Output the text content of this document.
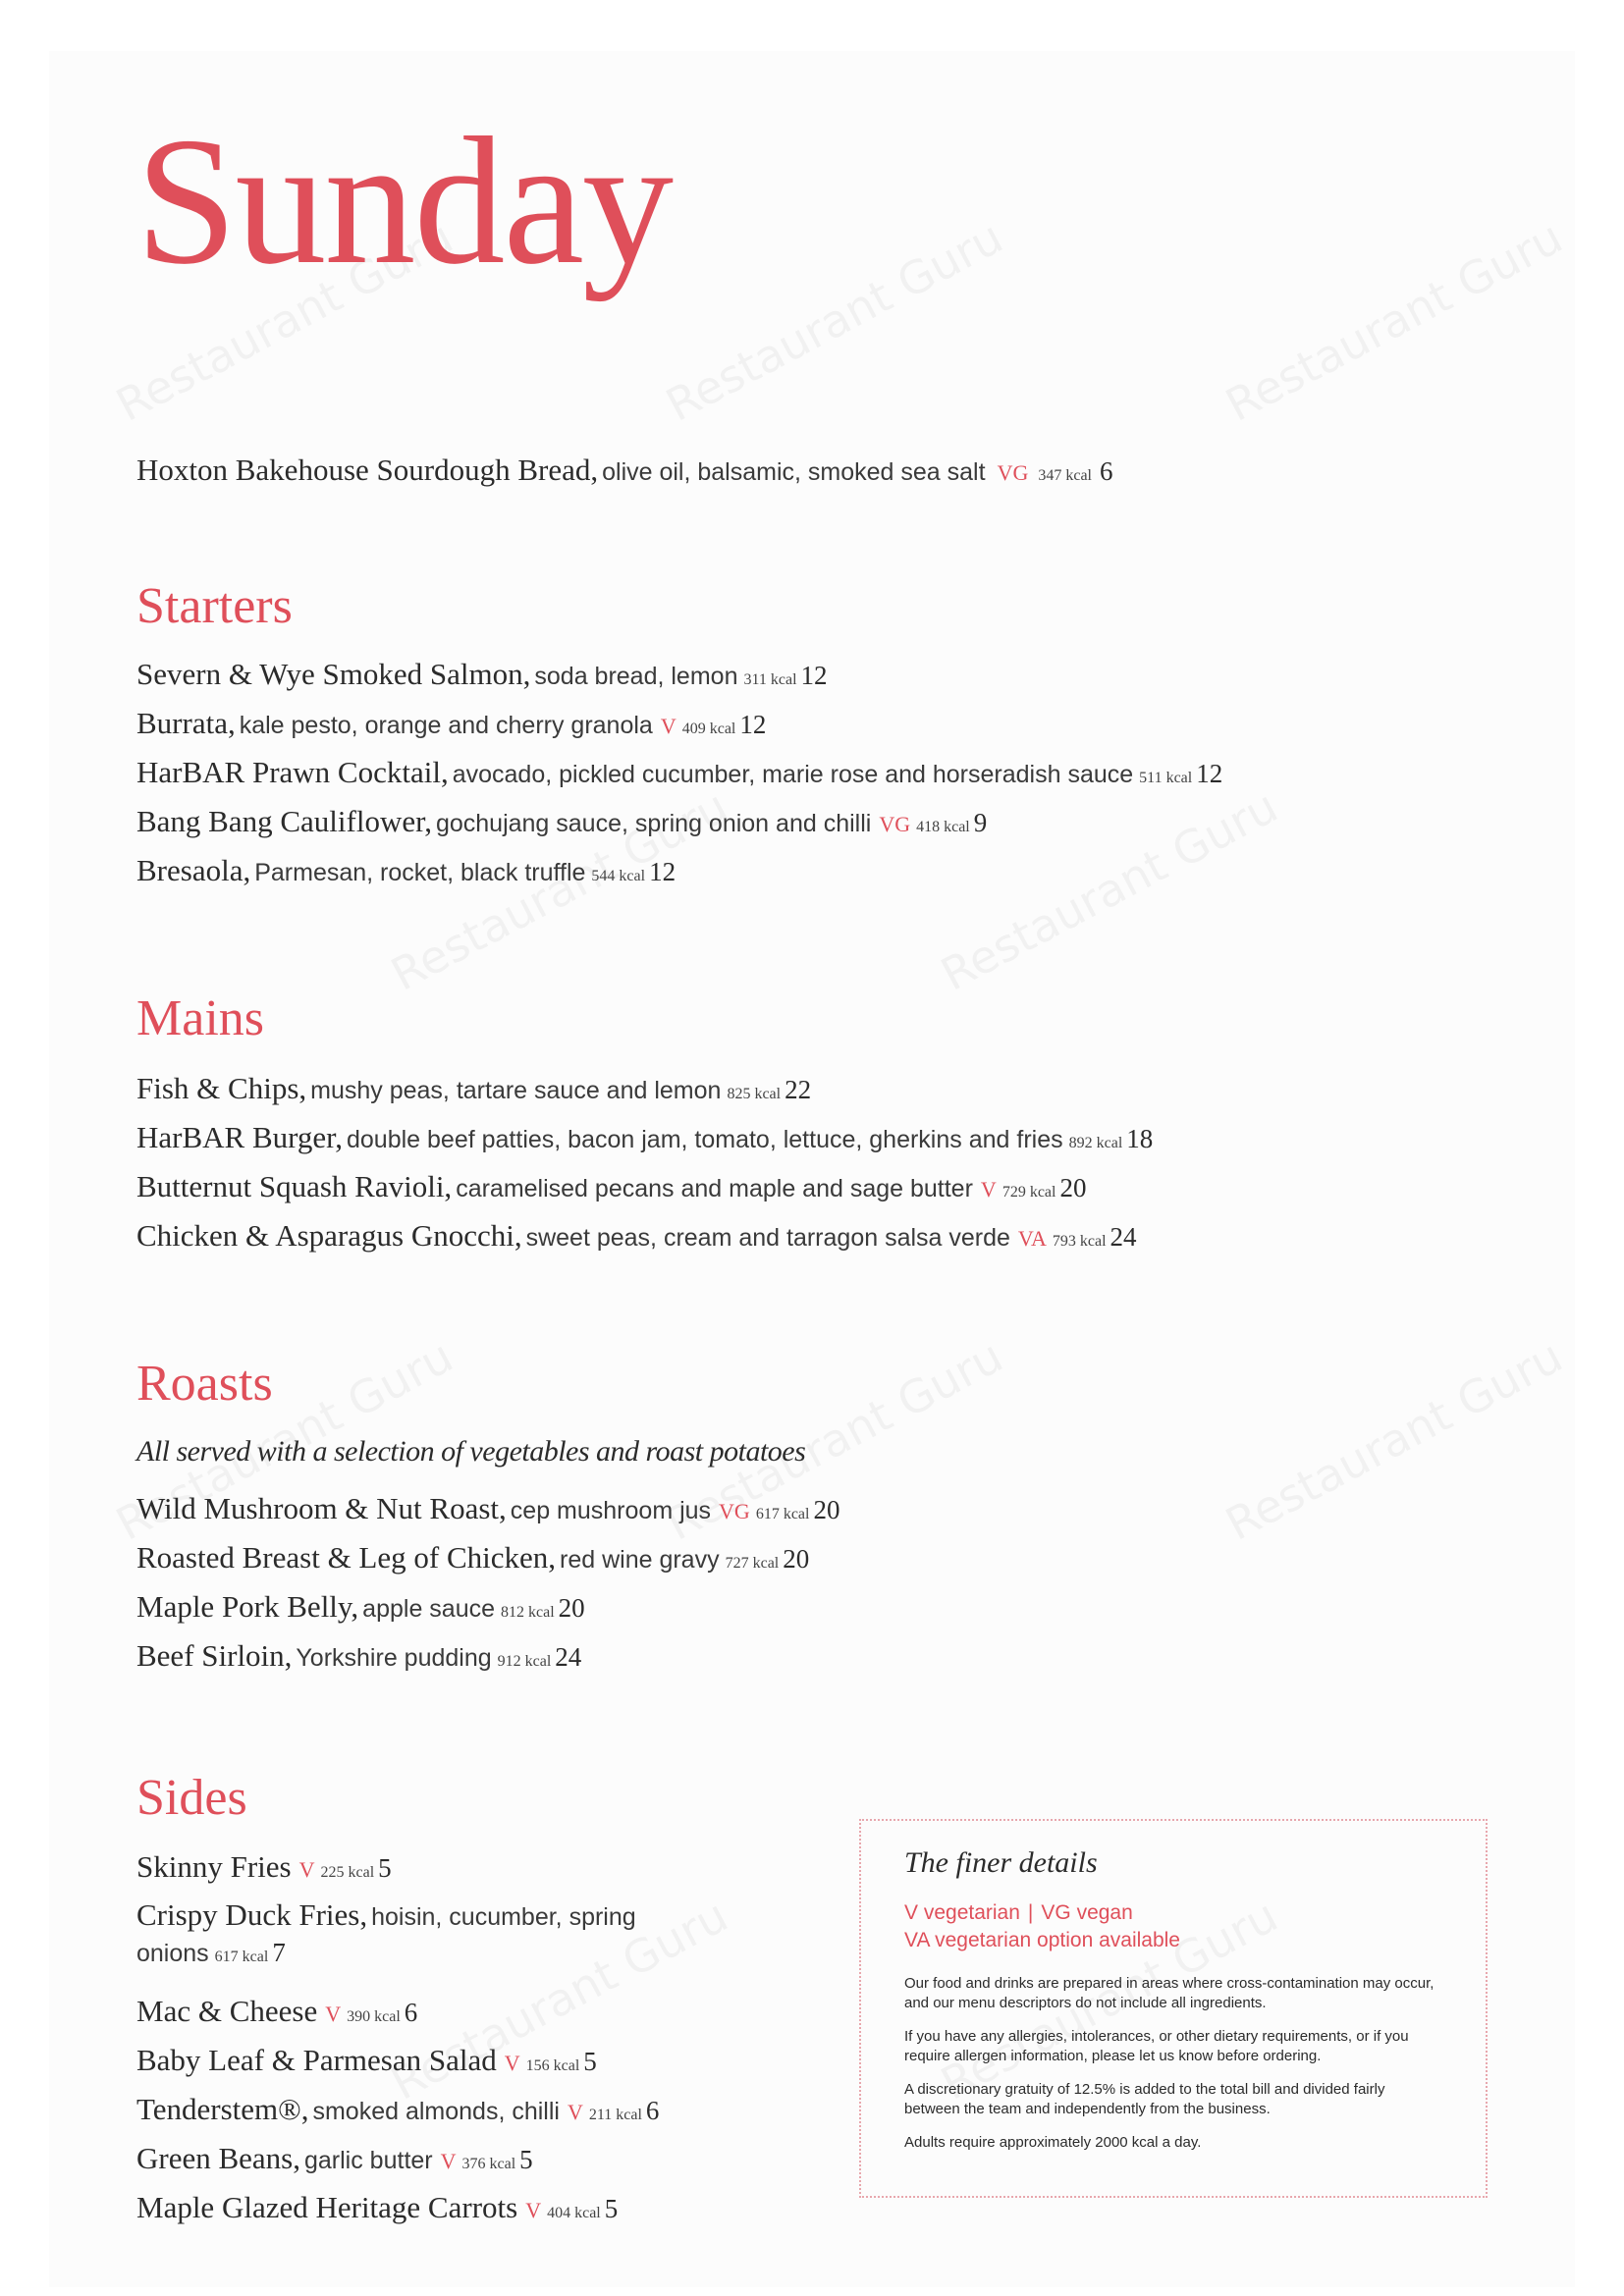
Sunday
Hoxton Bakehouse Sourdough Bread, olive oil, balsamic, smoked sea salt VG 347 kcal 6
Starters
Severn & Wye Smoked Salmon, soda bread, lemon 311 kcal 12
Burrata, kale pesto, orange and cherry granola V 409 kcal 12
HarBAR Prawn Cocktail, avocado, pickled cucumber, marie rose and horseradish sauce 511 kcal 12
Bang Bang Cauliflower, gochujang sauce, spring onion and chilli VG 418 kcal 9
Bresaola, Parmesan, rocket, black truffle 544 kcal 12
Mains
Fish & Chips, mushy peas, tartare sauce and lemon 825 kcal 22
HarBAR Burger, double beef patties, bacon jam, tomato, lettuce, gherkins and fries 892 kcal 18
Butternut Squash Ravioli, caramelised pecans and maple and sage butter V 729 kcal 20
Chicken & Asparagus Gnocchi, sweet peas, cream and tarragon salsa verde VA 793 kcal 24
Roasts

All served with a selection of vegetables and roast potatoes

Wild Mushroom & Nut Roast, cep mushroom jus VG 617 kcal 20
Roasted Breast & Leg of Chicken, red wine gravy 727 kcal 20
Maple Pork Belly, apple sauce 812 kcal 20
Beef Sirloin, Yorkshire pudding 912 kcal 24
Sides
Skinny Fries V 225 kcal 5
Crispy Duck Fries, hoisin, cucumber, spring onions 617 kcal 7
Mac & Cheese V 390 kcal 6
Baby Leaf & Parmesan Salad V 156 kcal 5
Tenderstem®, smoked almonds, chilli V 211 kcal 6
Green Beans, garlic butter V 376 kcal 5
Maple Glazed Heritage Carrots V 404 kcal 5
The finer details

V vegetarian | VG vegan

VA vegetarian option available

Our food and drinks are prepared in areas where cross-contamination may occur, and our menu descriptors do not include all ingredients.

If you have any allergies, intolerances, or other dietary requirements, or if you require allergen information, please let us know before ordering.

A discretionary gratuity of 12.5% is added to the total bill and divided fairly between the team and independently from the business.

Adults require approximately 2000 kcal a day.
